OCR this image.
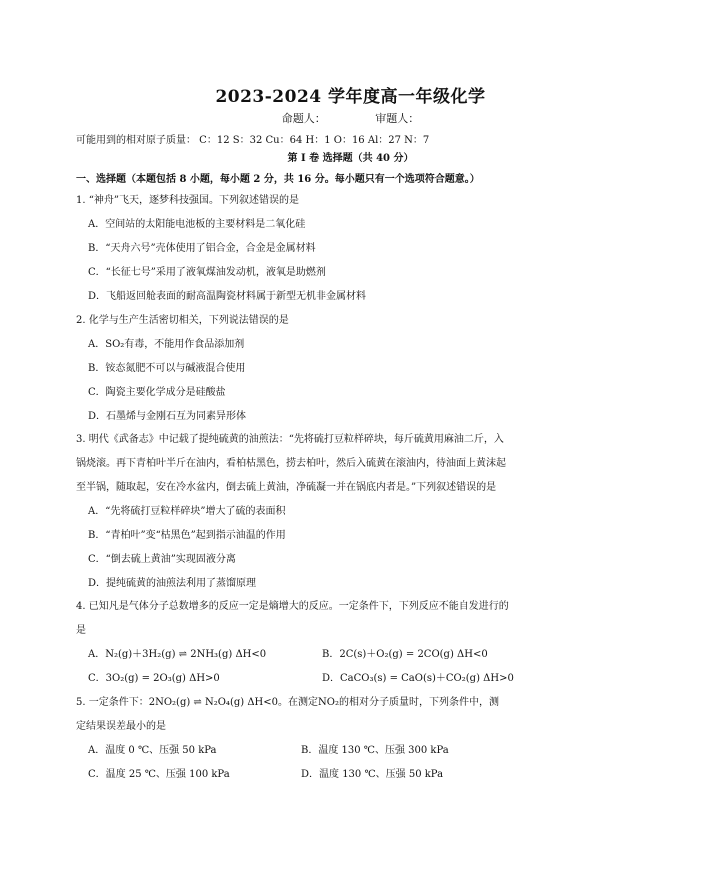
2023-2024 学年度高一年级化学
命题人：	审题人：
可能用到的相对原子质量： C：12 S：32 Cu：64 H：1 O：16 Al：27 N：7
第 I 卷 选择题（共 40 分）
一、选择题（本题包括 8 小题，每小题 2 分，共 16 分。每小题只有一个选项符合题意。）
1. “神舟”飞天，逐梦科技强国。下列叙述错误的是
A．空间站的太阳能电池板的主要材料是二氧化硅
B．“天舟六号”壳体使用了铝合金，合金是金属材料
C．“长征七号”采用了液氧煤油发动机，液氧是助燃剂
D．飞船返回舱表面的耐高温陶瓷材料属于新型无机非金属材料
2. 化学与生产生活密切相关，下列说法错误的是
A．SO₂有毒，不能用作食品添加剂
B．铵态氮肥不可以与碱液混合使用
C．陶瓷主要化学成分是硅酸盐
D．石墨烯与金刚石互为同素异形体
3. 明代《武备志》中记载了提纯硫黄的油煎法：“先将硫打豆粒样碎块，每斤硫黄用麻油二斤，入
锅烧滚。再下青柏叶半斤在油内，看柏枯黑色，捞去柏叶，然后入硫黄在滚油内，待油面上黄沫起
至半锅，随取起，安在冷水盆内，倒去硫上黄油，净硫凝一并在锅底内者是。”下列叙述错误的是
A．“先将硫打豆粒样碎块”增大了硫的表面积
B．“青柏叶”变“枯黑色”起到指示油温的作用
C．“倒去硫上黄油”实现固液分离
D．提纯硫黄的油煎法利用了蒸馏原理
4. 已知凡是气体分子总数增多的反应一定是熵增大的反应。一定条件下，下列反应不能自发进行的
是
A．N₂(g)＋3H₂(g) ⇌ 2NH₃(g) ΔH<0	B．2C(s)＋O₂(g) = 2CO(g) ΔH<0
C．3O₂(g) = 2O₃(g) ΔH>0	D．CaCO₃(s) = CaO(s)＋CO₂(g) ΔH>0
5. 一定条件下：2NO₂(g) ⇌ N₂O₄(g) ΔH<0。在测定NO₂的相对分子质量时，下列条件中，测
定结果误差最小的是
A．温度 0 ℃、压强 50 kPa	B．温度 130 ℃、压强 300 kPa
C．温度 25 ℃、压强 100 kPa	D．温度 130 ℃、压强 50 kPa
